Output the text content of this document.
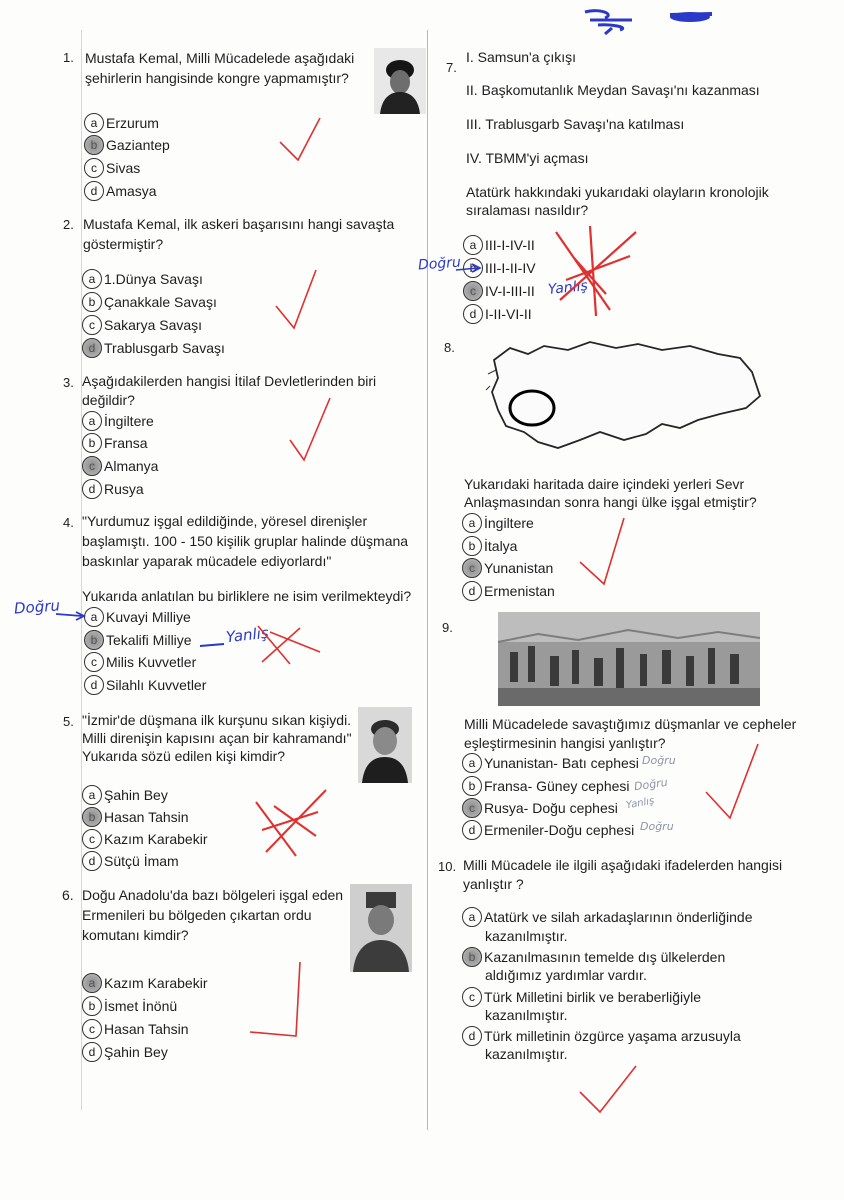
1. Mustafa Kemal, Milli Mücadelede aşağıdaki
şehirlerin hangisinde kongre yapmamıştır?
a Erzurum
b Gaziantep
c Sivas
d Amasya
2. Mustafa Kemal, ilk askeri başarısını hangi savaşta
göstermiştir?
a 1.Dünya Savaşı
b Çanakkale Savaşı
c Sakarya Savaşı
d Trablusgarb Savaşı
3. Aşağıdakilerden hangisi İtilaf Devletlerinden biri
değildir?
a İngiltere
b Fransa
c Almanya
d Rusya
4. "Yurdumuz işgal edildiğinde, yöresel direnişler
başlamıştı. 100 - 150 kişilik gruplar halinde düşmana
baskınlar yaparak mücadele ediyorlardı"
Yukarıda anlatılan bu birliklere ne isim verilmekteydi?
a Kuvayi Milliye
b Tekalifi Milliye
c Milis Kuvvetler
d Silahlı Kuvvetler
Doğru
Yanlış
5. "İzmir'de düşmana ilk kurşunu sıkan kişiydi.
Milli direnişin kapısını açan bir kahramandı"
Yukarıda sözü edilen kişi kimdir?
a Şahin Bey
b Hasan Tahsin
c Kazım Karabekir
d Sütçü İmam
6. Doğu Anadolu'da bazı bölgeleri işgal eden
Ermenileri bu bölgeden çıkartan ordu
komutanı kimdir?
a Kazım Karabekir
b İsmet İnönü
c Hasan Tahsin
d Şahin Bey
7.
I. Samsun'a çıkışı
II. Başkomutanlık Meydan Savaşı'nı kazanması
III. Trablusgarb Savaşı'na katılması
IV. TBMM'yi açması
Atatürk hakkındaki yukarıdaki olayların kronolojik
sıralaması nasıldır?
a III-I-IV-II
b III-I-II-IV
c IV-I-III-II
d I-II-VI-II
Doğru
Yanlış
8.
Yukarıdaki haritada daire içindeki yerleri Sevr
Anlaşmasından sonra hangi ülke işgal etmiştir?
a İngiltere
b İtalya
c Yunanistan
d Ermenistan
9.
Milli Mücadelede savaştığımız düşmanlar ve cepheler
eşleştirmesinin hangisi yanlıştır?
a Yunanistan- Batı cephesi
b Fransa- Güney cephesi
c Rusya- Doğu cephesi
d Ermeniler-Doğu cephesi
Doğru
Doğru
Yanlış
Doğru
10. Milli Mücadele ile ilgili aşağıdaki ifadelerden hangisi
yanlıştır ?
a Atatürk ve silah arkadaşlarının önderliğinde
kazanılmıştır.
b Kazanılmasının temelde dış ülkelerden
aldığımız yardımlar vardır.
c Türk Milletini birlik ve beraberliğiyle
kazanılmıştır.
d Türk milletinin özgürce yaşama arzusuyla
kazanılmıştır.
